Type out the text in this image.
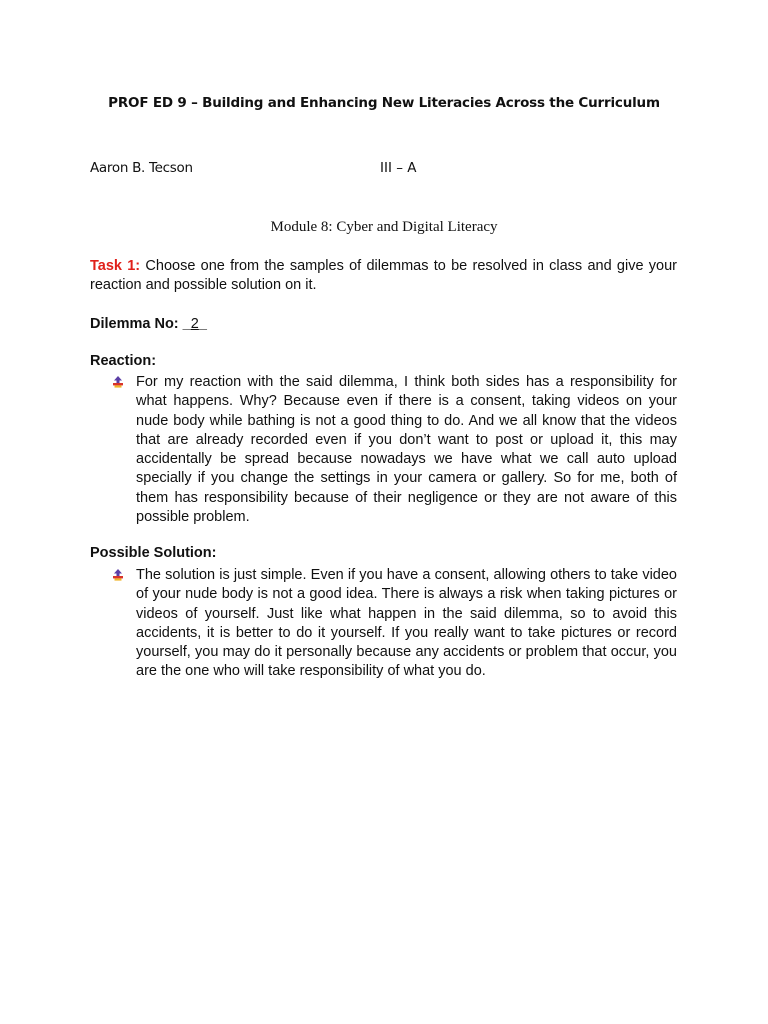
PROF ED 9 – Building and Enhancing New Literacies Across the Curriculum
Aaron B. Tecson	III – A
Module 8: Cyber and Digital Literacy
Task 1: Choose one from the samples of dilemmas to be resolved in class and give your reaction and possible solution on it.
Dilemma No: _2_
Reaction:
For my reaction with the said dilemma, I think both sides has a responsibility for what happens. Why? Because even if there is a consent, taking videos on your nude body while bathing is not a good thing to do. And we all know that the videos that are already recorded even if you don’t want to post or upload it, this may accidentally be spread because nowadays we have what we call auto upload specially if you change the settings in your camera or gallery. So for me, both of them has responsibility because of their negligence or they are not aware of this possible problem.
Possible Solution:
The solution is just simple. Even if you have a consent, allowing others to take video of your nude body is not a good idea. There is always a risk when taking pictures or videos of yourself. Just like what happen in the said dilemma, so to avoid this accidents, it is better to do it yourself. If you really want to take pictures or record yourself, you may do it personally because any accidents or problem that occur, you are the one who will take responsibility of what you do.
